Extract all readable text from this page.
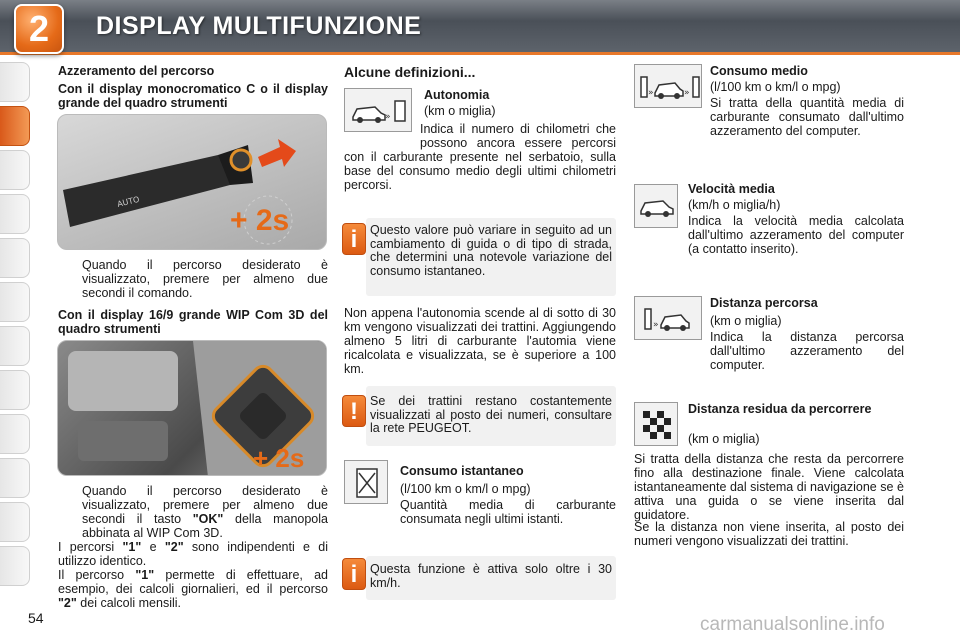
2	DISPLAY MULTIFUNZIONE
Azzeramento del percorso
Con il display monocromatico C o il display grande del quadro strumenti
AUTO
+ 2s
Quando il percorso desiderato è visualizzato, premere per almeno due secondi il comando.
Con il display 16/9 grande WIP Com 3D del quadro strumenti
+ 2s
Quando il percorso desiderato è visualizzato, premere per almeno due secondi il tasto "OK" della manopola abbinata al WIP Com 3D.
I percorsi "1" e "2" sono indipendenti e di utilizzo identico.
Il percorso "1" permette di effettuare, ad esempio, dei calcoli giornalieri, ed il percorso "2" dei calcoli mensili.
Alcune definizioni...
»
Autonomia
(km o miglia)
Indica il numero di chilometri che possono ancora essere percorsi con il carburante presente nel serbatoio, sulla base del consumo medio degli ultimi chilometri percorsi.
i	Questo valore può variare in seguito ad un cambiamento di guida o di tipo di strada, che determini una notevole variazione del consumo istantaneo.
Non appena l'autonomia scende al di sotto di 30 km vengono visualizzati dei trattini. Aggiungendo almeno 5 litri di carburante l'automia viene ricalcolata e visualizzata, se è superiore a 100 km.
! Se dei trattini restano costantemente visualizzati al posto dei numeri, consultare la rete PEUGEOT.
Consumo istantaneo
(l/100 km o km/l o mpg)
Quantità media di carburante consumata negli ultimi istanti.
i	Questa funzione è attiva solo oltre i 30 km/h.
»	»
Consumo medio
(l/100 km o km/l o mpg)
Si tratta della quantità media di carburante consumato dall'ultimo azzeramento del computer.
Velocità media
(km/h o miglia/h)
Indica la velocità media calcolata dall'ultimo azzeramento del computer (a contatto inserito).
»
Distanza percorsa
(km o miglia)
Indica la distanza percorsa dall'ultimo azzeramento del computer.
Distanza residua da percorrere
(km o miglia)
Si tratta della distanza che resta da percorrere fino alla destinazione finale. Viene calcolata istantaneamente dal sistema di navigazione se è attiva una guida o se viene inserita dal guidatore.
Se la distanza non viene inserita, al posto dei numeri vengono visualizzati dei trattini.
54	carmanualsonline.info
